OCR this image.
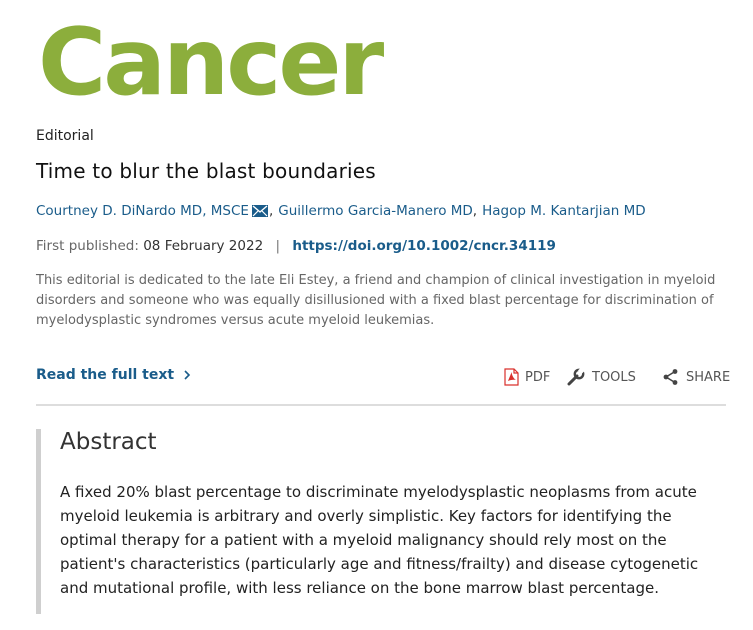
Cancer
Editorial
Time to blur the blast boundaries
Courtney D. DiNardo MD, MSCE , Guillermo Garcia-Manero MD , Hagop M. Kantarjian MD
First published: 08 February 2022 | https://doi.org/10.1002/cncr.34119

This editorial is dedicated to the late Eli Estey, a friend and champion of clinical investigation in myeloid disorders and someone who was equally disillusioned with a fixed blast percentage for discrimination of myelodysplastic syndromes versus acute myeloid leukemias.

Read the full text	PDF	TOOLS	SHARE
Abstract

A fixed 20% blast percentage to discriminate myelodysplastic neoplasms from acute myeloid leukemia is arbitrary and overly simplistic. Key factors for identifying the optimal therapy for a patient with a myeloid malignancy should rely most on the patient's characteristics (particularly age and fitness/frailty) and disease cytogenetic and mutational profile, with less reliance on the bone marrow blast percentage.
